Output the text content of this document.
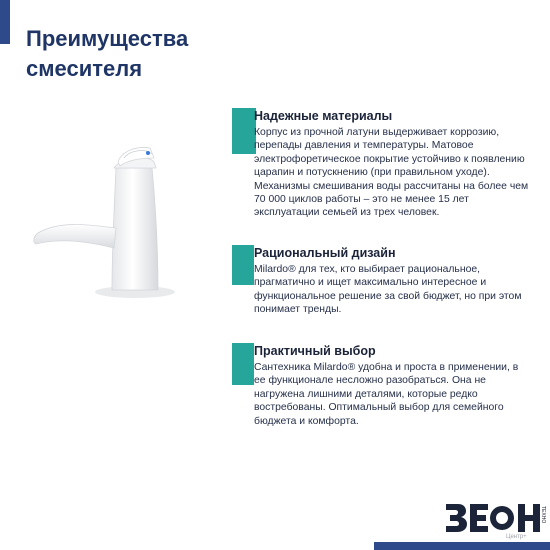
Преимущества
смесителя
Надежные материалы

Корпус из прочной латуни выдерживает коррозию, перепады давления и температуры. Матовое электрофоретическое покрытие устойчиво к появлению царапин и потускнению (при правильном уходе). Механизмы смешивания воды рассчитаны на более чем 70 000 циклов работы – это не менее 15 лет эксплуатации семьей из трех человек.

Рациональный дизайн

Milardo® для тех, кто выбирает рациональное, прагматично и ищет максимально интересное и функциональное решение за свой бюджет, но при этом понимает тренды.

Практичный выбор

Сантехника Milardo® удобна и проста в применении, в ее функционале несложно разобраться. Она не нагружена лишними деталями, которые редко востребованы. Оптимальный выбор для семейного бюджета и комфорта.

ТЕХНО
Центр+
